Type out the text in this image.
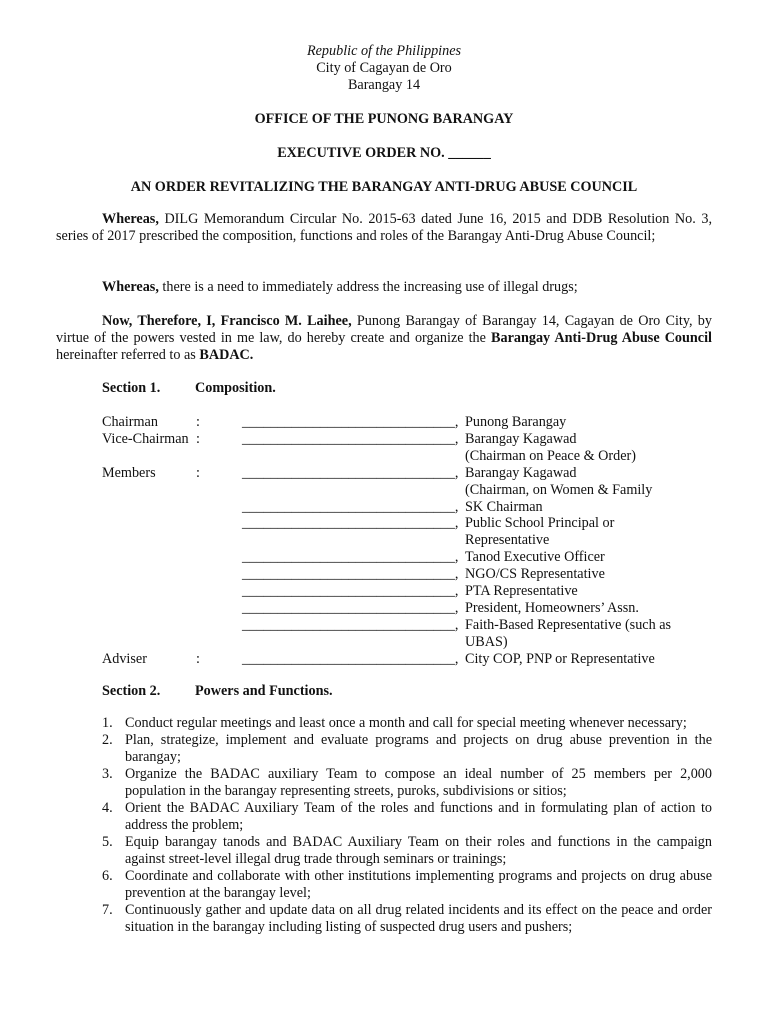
Republic of the Philippines
City of Cagayan de Oro
Barangay 14
OFFICE OF THE PUNONG BARANGAY
EXECUTIVE ORDER NO. ______
AN ORDER REVITALIZING THE BARANGAY ANTI-DRUG ABUSE COUNCIL
Whereas, DILG Memorandum Circular No. 2015-63 dated June 16, 2015 and DDB Resolution No. 3, series of 2017 prescribed the composition, functions and roles of the Barangay Anti-Drug Abuse Council;
Whereas, there is a need to immediately address the increasing use of illegal drugs;
Now, Therefore, I, Francisco M. Laihee, Punong Barangay of Barangay 14, Cagayan de Oro City, by virtue of the powers vested in me law, do hereby create and organize the Barangay Anti-Drug Abuse Council hereinafter referred to as BADAC.
Section 1. Composition.
Chairman	:	______________________________, Punong Barangay
Vice-Chairman :	______________________________, Barangay Kagawad
(Chairman on Peace & Order)
Members	:	______________________________, Barangay Kagawad
(Chairman, on Women & Family
______________________________, SK Chairman
______________________________, Public School Principal or
Representative
______________________________, Tanod Executive Officer
______________________________, NGO/CS Representative
______________________________, PTA Representative
______________________________, President, Homeowners’ Assn.
______________________________, Faith-Based Representative (such as
UBAS)
Adviser	:	______________________________, City COP, PNP or Representative
Section 2. Powers and Functions.
1. Conduct regular meetings and least once a month and call for special meeting whenever necessary;
2. Plan, strategize, implement and evaluate programs and projects on drug abuse prevention in the barangay;
3. Organize the BADAC auxiliary Team to compose an ideal number of 25 members per 2,000 population in the barangay representing streets, puroks, subdivisions or sitios;
4. Orient the BADAC Auxiliary Team of the roles and functions and in formulating plan of action to address the problem;
5. Equip barangay tanods and BADAC Auxiliary Team on their roles and functions in the campaign against street-level illegal drug trade through seminars or trainings;
6. Coordinate and collaborate with other institutions implementing programs and projects on drug abuse prevention at the barangay level;
7. Continuously gather and update data on all drug related incidents and its effect on the peace and order situation in the barangay including listing of suspected drug users and pushers;
